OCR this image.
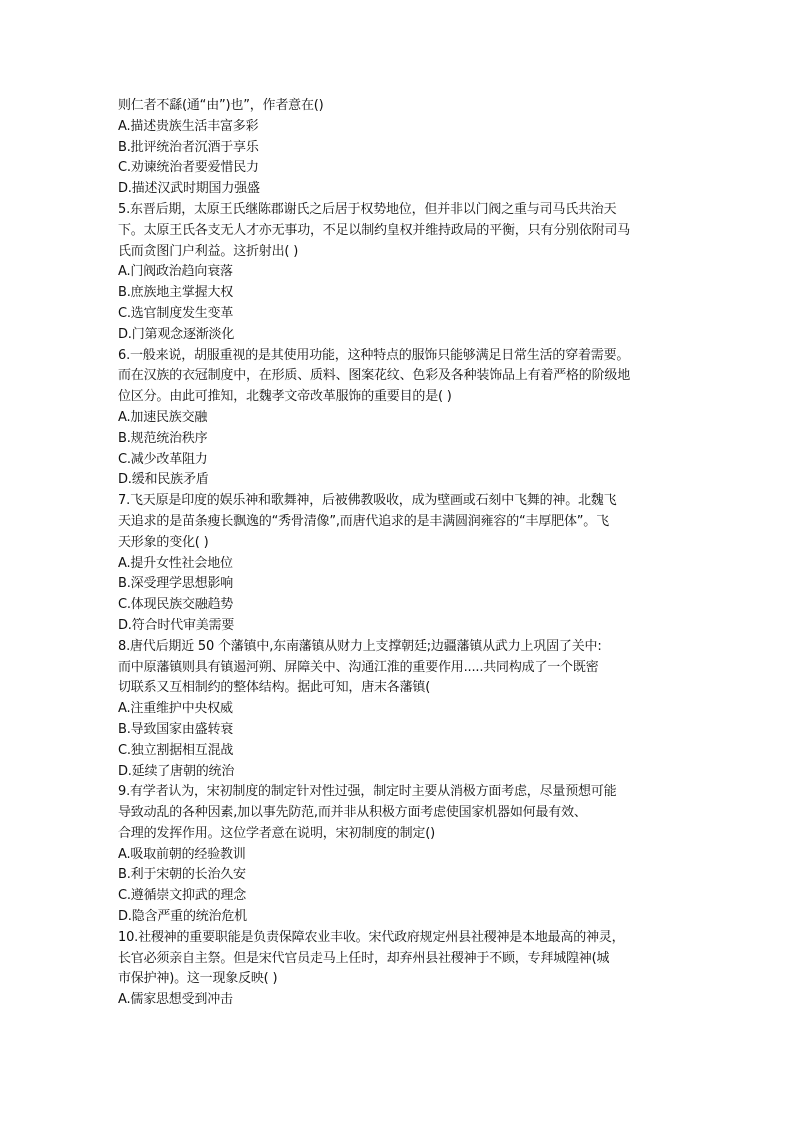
则仁者不繇(通“由”)也”，作者意在()
A.描述贵族生活丰富多彩
B.批评统治者沉酒于享乐
C.劝谏统治者要爱惜民力
D.描述汉武时期国力强盛
5.东晋后期，太原王氏继陈郡谢氏之后居于权势地位，但并非以门阀之重与司马氏共治天
下。太原王氏各支无人才亦无事功，不足以制约皇权并维持政局的平衡，只有分别依附司马
氏而贪图门户利益。这折射出( )
A.门阀政治趋向衰落
B.庶族地主掌握大权
C.选官制度发生变革
D.门第观念逐渐淡化
6.一般来说，胡服重视的是其使用功能，这种特点的服饰只能够满足日常生活的穿着需要。
而在汉族的衣冠制度中，在形质、质料、图案花纹、色彩及各种装饰品上有着严格的阶级地
位区分。由此可推知，北魏孝文帝改革服饰的重要目的是( )
A.加速民族交融
B.规范统治秩序
C.减少改革阻力
D.缓和民族矛盾
7.飞天原是印度的娱乐神和歌舞神，后被佛教吸收，成为壁画或石刻中飞舞的神。北魏飞
天追求的是苗条瘦长飘逸的“秀骨清像”,而唐代追求的是丰满圆润雍容的“丰厚肥体”。飞
天形象的变化( )
A.提升女性社会地位
B.深受理学思想影响
C.体现民族交融趋势
D.符合时代审美需要
8.唐代后期近 50 个藩镇中,东南藩镇从财力上支撑朝廷;边疆藩镇从武力上巩固了关中:
而中原藩镇则具有镇遏河朔、屏障关中、沟通江淮的重要作用.....共同构成了一个既密
切联系又互相制约的整体结构。据此可知，唐末各藩镇(
A.注重维护中央权威
B.导致国家由盛转衰
C.独立割据相互混战
D.延续了唐朝的统治
9.有学者认为，宋初制度的制定针对性过强，制定时主要从消极方面考虑，尽量预想可能
导致动乱的各种因素,加以事先防范,而并非从积极方面考虑使国家机器如何最有效、
合理的发挥作用。这位学者意在说明，宋初制度的制定()
A.吸取前朝的经验教训
B.利于宋朝的长治久安
C.遵循崇文抑武的理念
D.隐含严重的统治危机
10.社稷神的重要职能是负责保障农业丰收。宋代政府规定州县社稷神是本地最高的神灵，
长官必须亲自主祭。但是宋代官员走马上任时，却弃州县社稷神于不顾，专拜城隍神(城
市保护神)。这一现象反映( )
A.儒家思想受到冲击
